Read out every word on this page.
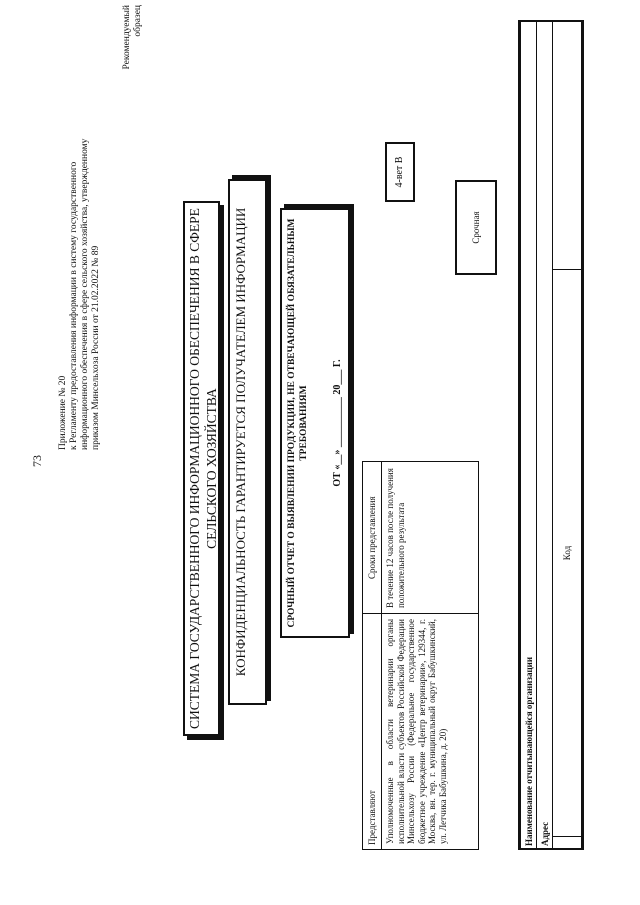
73
Приложение № 20 к Регламенту предоставления информации в систему государственного информационного обеспечения в сфере сельского хозяйства, утвержденному приказом Минсельхоза России от 21.02.2022 № 89
Рекомендуемый образец
СИСТЕМА ГОСУДАРСТВЕННОГО ИНФОРМАЦИОННОГО ОБЕСПЕЧЕНИЯ В СФЕРЕ СЕЛЬСКОГО ХОЗЯЙСТВА	КОНФИДЕНЦИАЛЬНОСТЬ ГАРАНТИРУЕТСЯ ПОЛУЧАТЕЛЕМ ИНФОРМАЦИИ	СРОЧНЫЙ ОТЧЕТ О ВЫЯВЛЕНИИ ПРОДУКЦИИ, НЕ ОТВЕЧАЮЩЕЙ ОБЯЗАТЕЛЬНЫМ ТРЕБОВАНИЯМ ОТ «__» __________ 20___ Г.
4-вет В
Срочная
Представляют	Сроки представления	
Уполномоченные в области ветеринарии органы исполнительной власти субъектов Российской Федерации Минсельхозу России (Федеральное государственное бюджетное учреждение «Центр ветеринарии», 129344, г. Москва, вн. тер. г. муниципальный округ Бабушкинский, ул. Летчика Бабушкина, д. 20)	В течение 12 часов после получения положительного результата	
Наименование отчитывающейся организации
Адрес
	Код	
